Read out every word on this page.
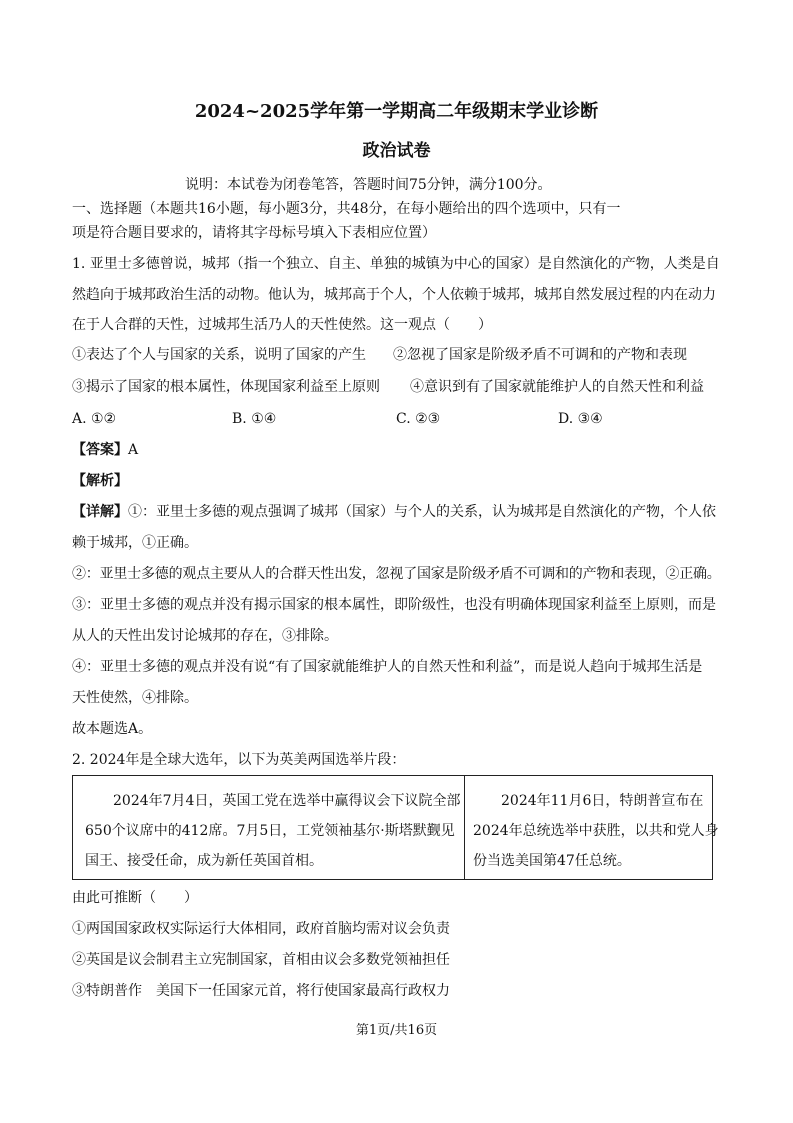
2024~2025学年第一学期高二年级期末学业诊断
政治试卷
说明：本试卷为闭卷笔答，答题时间75分钟，满分100分。
一、选择题（本题共16小题，每小题3分，共48分，在每小题给出的四个选项中，只有一
项是符合题目要求的，请将其字母标号填入下表相应位置）
1. 亚里士多德曾说，城邦（指一个独立、自主、单独的城镇为中心的国家）是自然演化的产物，人类是自
然趋向于城邦政治生活的动物。他认为，城邦高于个人，个人依赖于城邦，城邦自然发展过程的内在动力
在于人合群的天性，过城邦生活乃人的天性使然。这一观点（　　）
①表达了个人与国家的关系，说明了国家的产生 ②忽视了国家是阶级矛盾不可调和的产物和表现
③揭示了国家的根本属性，体现国家利益至上原则 ④意识到有了国家就能维护人的自然天性和利益
A. ①②	B. ①④	C. ②③	D. ③④
【答案】A
【解析】
【详解】①：亚里士多德的观点强调了城邦（国家）与个人的关系，认为城邦是自然演化的产物，个人依
赖于城邦，①正确。
②：亚里士多德的观点主要从人的合群天性出发，忽视了国家是阶级矛盾不可调和的产物和表现，②正确。
③：亚里士多德的观点并没有揭示国家的根本属性，即阶级性，也没有明确体现国家利益至上原则，而是
从人的天性出发讨论城邦的存在，③排除。
④：亚里士多德的观点并没有说“有了国家就能维护人的自然天性和利益”，而是说人趋向于城邦生活是
天性使然，④排除。
故本题选A。
2. 2024年是全球大选年，以下为英美两国选举片段：
　　2024年7月4日，英国工党在选举中赢得议会下议院全部
650个议席中的412席。7月5日，工党领袖基尔·斯塔默觐见
国王、接受任命，成为新任英国首相。
　　2024年11月6日，特朗普宣布在
2024年总统选举中获胜，以共和党人身
份当选美国第47任总统。
由此可推断（　　）
①两国国家政权实际运行大体相同，政府首脑均需对议会负责
②英国是议会制君主立宪制国家，首相由议会多数党领袖担任
③特朗普作　美国下一任国家元首，将行使国家最高行政权力
第1页/共16页
